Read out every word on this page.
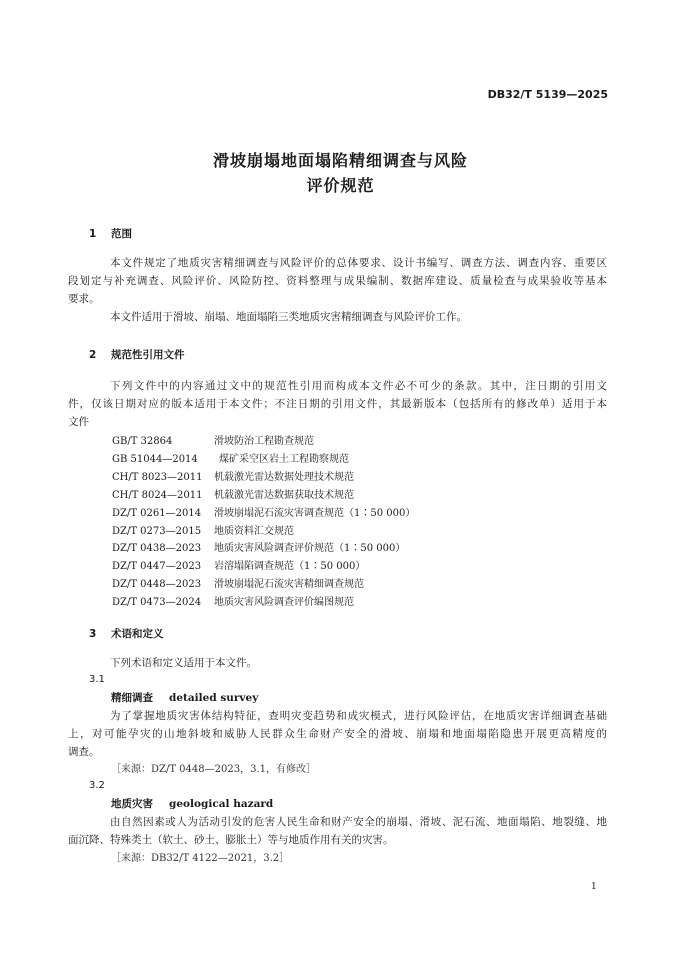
DB32/T 5139—2025
滑坡崩塌地面塌陷精细调查与风险
评价规范
1 范围

本文件规定了地质灾害精细调查与风险评价的总体要求、设计书编写、调查方法、调查内容、重要区
段划定与补充调查、风险评价、风险防控、资料整理与成果编制、数据库建设、质量检查与成果验收等基本
要求。

本文件适用于滑坡、崩塌、地面塌陷三类地质灾害精细调查与风险评价工作。

2 规范性引用文件

下列文件中的内容通过文中的规范性引用而构成本文件必不可少的条款。其中，注日期的引用文
件，仅该日期对应的版本适用于本文件；不注日期的引用文件，其最新版本（包括所有的修改单）适用于本
文件

GB/T 32864	滑坡防治工程勘查规范
GB 51044—2014 煤矿采空区岩土工程勘察规范
CH/T 8023—2011 机载激光雷达数据处理技术规范
CH/T 8024—2011 机载激光雷达数据获取技术规范
DZ/T 0261—2014 滑坡崩塌泥石流灾害调查规范（1∶50 000）
DZ/T 0273—2015 地质资料汇交规范
DZ/T 0438—2023 地质灾害风险调查评价规范（1∶50 000）
DZ/T 0447—2023 岩溶塌陷调查规范（1∶50 000）
DZ/T 0448—2023 滑坡崩塌泥石流灾害精细调查规范
DZ/T 0473—2024 地质灾害风险调查评价编图规范
3 术语和定义

下列术语和定义适用于本文件。

3.1
精细调查 detailed survey

为了掌握地质灾害体结构特征，查明灾变趋势和成灾模式，进行风险评估，在地质灾害详细调查基础
上，对可能孕灾的山地斜坡和威胁人民群众生命财产安全的滑坡、崩塌和地面塌陷隐患开展更高精度的
调查。

［来源：DZ/T 0448—2023，3.1，有修改］
3.2
地质灾害 geological hazard

由自然因素或人为活动引发的危害人民生命和财产安全的崩塌、滑坡、泥石流、地面塌陷、地裂缝、地
面沉降、特殊类土（软土、砂土、膨胀土）等与地质作用有关的灾害。

［来源：DB32/T 4122—2021，3.2］
1
